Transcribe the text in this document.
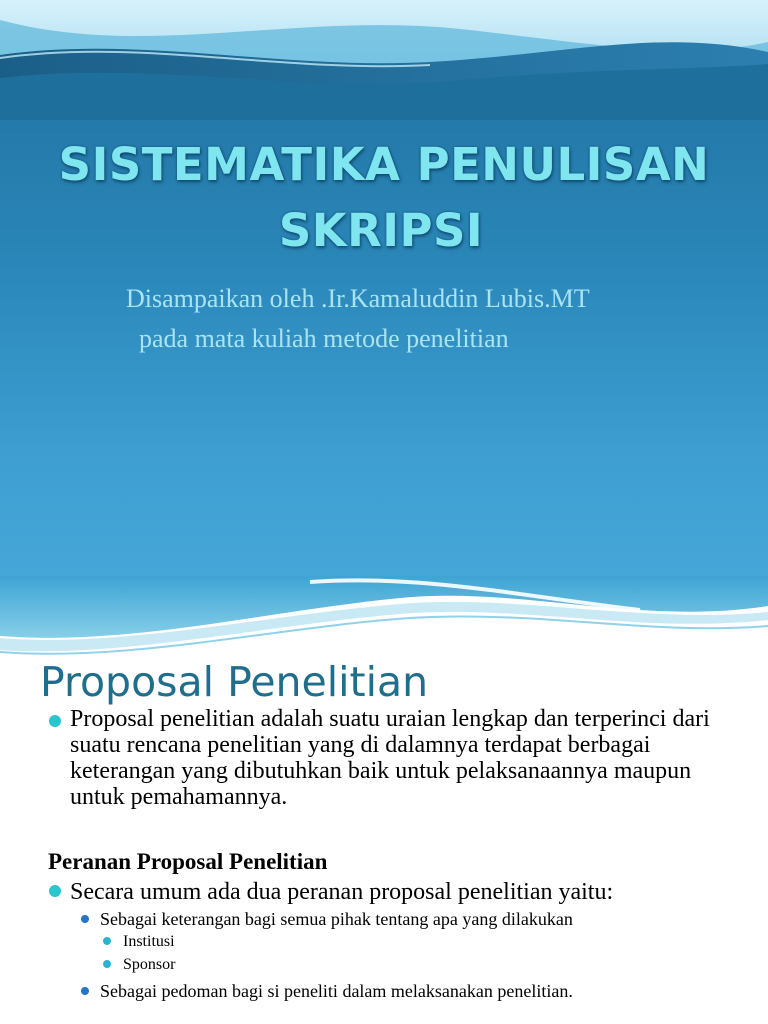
SISTEMATIKA PENULISAN
SKRIPSI
Disampaikan oleh .Ir.Kamaluddin Lubis.MT
pada mata kuliah metode penelitian
Proposal Penelitian
Proposal penelitian adalah suatu uraian lengkap dan terperinci dari suatu rencana penelitian yang di dalamnya terdapat berbagai keterangan yang dibutuhkan baik untuk pelaksanaannya maupun untuk pemahamannya.
Peranan Proposal Penelitian
Secara umum ada dua peranan proposal penelitian yaitu:
Sebagai keterangan bagi semua pihak tentang apa yang dilakukan
Institusi
Sponsor
Sebagai pedoman bagi si peneliti dalam melaksanakan penelitian.
